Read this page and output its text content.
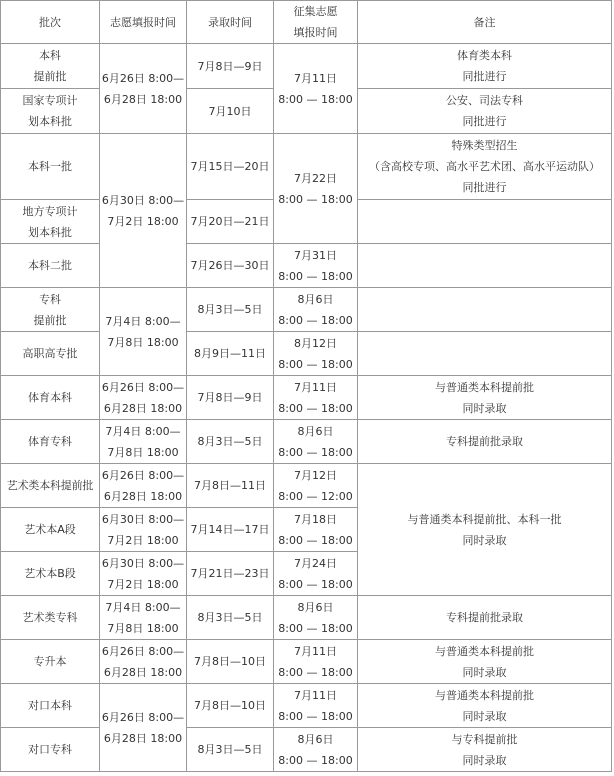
批次	志愿填报时间	录取时间	征集志愿
填报时间	备注
本科
提前批	6月26日 8:00—
6月28日 18:00	7月8日—9日	7月11日
8:00 — 18:00	体育类本科
同批进行
国家专项计
划本科批		7月10日		公安、司法专科
同批进行
本科一批	6月30日 8:00—
7月2日 18:00	7月15日—20日	7月22日
8:00 — 18:00	特殊类型招生
（含高校专项、高水平艺术团、高水平运动队）
同批进行
地方专项计
划本科批		7月20日—21日		
本科二批		7月26日—30日	7月31日
8:00 — 18:00	
专科
提前批	7月4日 8:00—
7月8日 18:00	8月3日—5日	8月6日
8:00 — 18:00	
高职高专批		8月9日—11日	8月12日
8:00 — 18:00	
体育本科	6月26日 8:00—
6月28日 18:00	7月8日—9日	7月11日
8:00 — 18:00	与普通类本科提前批
同时录取
体育专科	7月4日 8:00—
7月8日 18:00	8月3日—5日	8月6日
8:00 — 18:00	专科提前批录取
艺术类本科提前批	6月26日 8:00—
6月28日 18:00	7月8日—11日	7月12日
8:00 — 12:00	与普通类本科提前批、本科一批
同时录取
艺术本A段	6月30日 8:00—
7月2日 18:00	7月14日—17日	7月18日
8:00 — 18:00	
艺术本B段	6月30日 8:00—
7月2日 18:00	7月21日—23日	7月24日
8:00 — 18:00	
艺术类专科	7月4日 8:00—
7月8日 18:00	8月3日—5日	8月6日
8:00 — 18:00	专科提前批录取
专升本	6月26日 8:00—
6月28日 18:00	7月8日—10日	7月11日
8:00 — 18:00	与普通类本科提前批
同时录取
对口本科	6月26日 8:00—
6月28日 18:00	7月8日—10日	7月11日
8:00 — 18:00	与普通类本科提前批
同时录取
对口专科		8月3日—5日	8月6日
8:00 — 18:00	与专科提前批
同时录取
